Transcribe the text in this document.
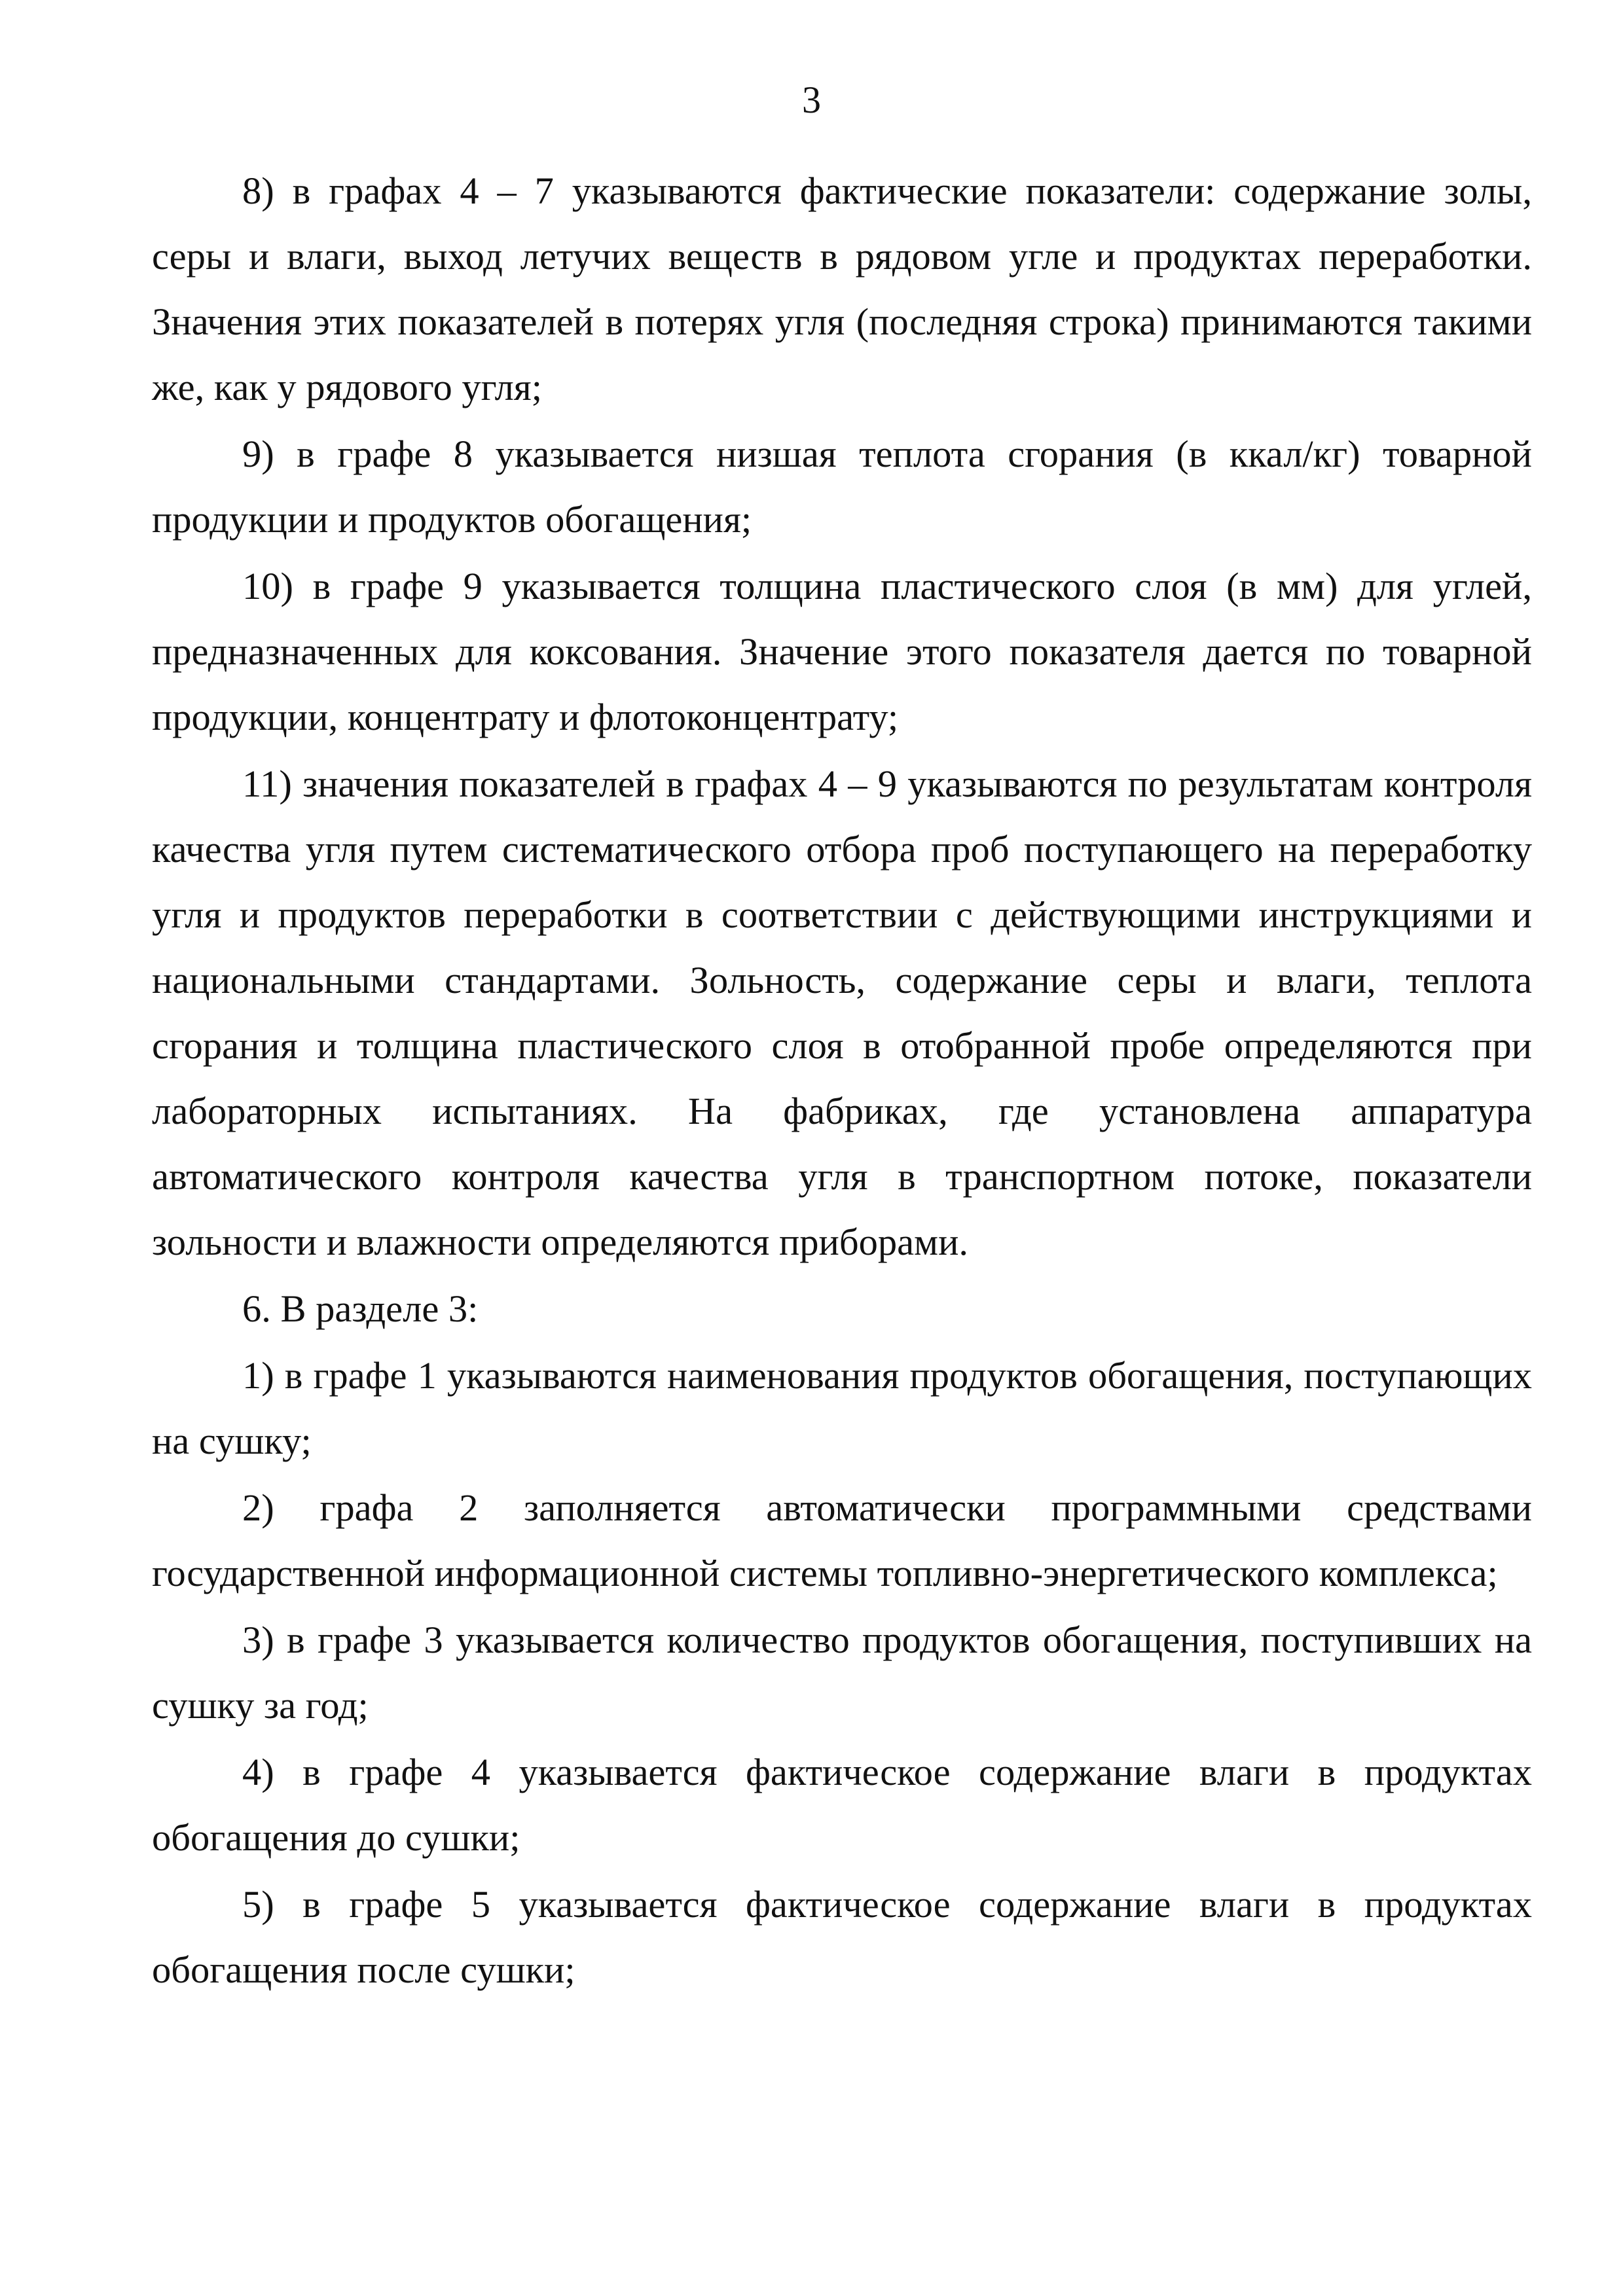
3

8) в графах 4 – 7 указываются фактические показатели: содержание золы, серы и влаги, выход летучих веществ в рядовом угле и продуктах переработки. Значения этих показателей в потерях угля (последняя строка) принимаются такими же, как у рядового угля;

9) в графе 8 указывается низшая теплота сгорания (в ккал/кг) товарной продукции и продуктов обогащения;

10) в графе 9 указывается толщина пластического слоя (в мм) для углей, предназначенных для коксования. Значение этого показателя дается по товарной продукции, концентрату и флотоконцентрату;

11) значения показателей в графах 4 – 9 указываются по результатам контроля качества угля путем систематического отбора проб поступающего на переработку угля и продуктов переработки в соответствии с действующими инструкциями и национальными стандартами. Зольность, содержание серы и влаги, теплота сгорания и толщина пластического слоя в отобранной пробе определяются при лабораторных испытаниях. На фабриках, где установлена аппаратура автоматического контроля качества угля в транспортном потоке, показатели зольности и влажности определяются приборами.

6. В разделе 3:

1) в графе 1 указываются наименования продуктов обогащения, поступающих на сушку;

2) графа 2 заполняется автоматически программными средствами государственной информационной системы топливно-энергетического комплекса;

3) в графе 3 указывается количество продуктов обогащения, поступивших на сушку за год;

4) в графе 4 указывается фактическое содержание влаги в продуктах обогащения до сушки;

5) в графе 5 указывается фактическое содержание влаги в продуктах обогащения после сушки;
